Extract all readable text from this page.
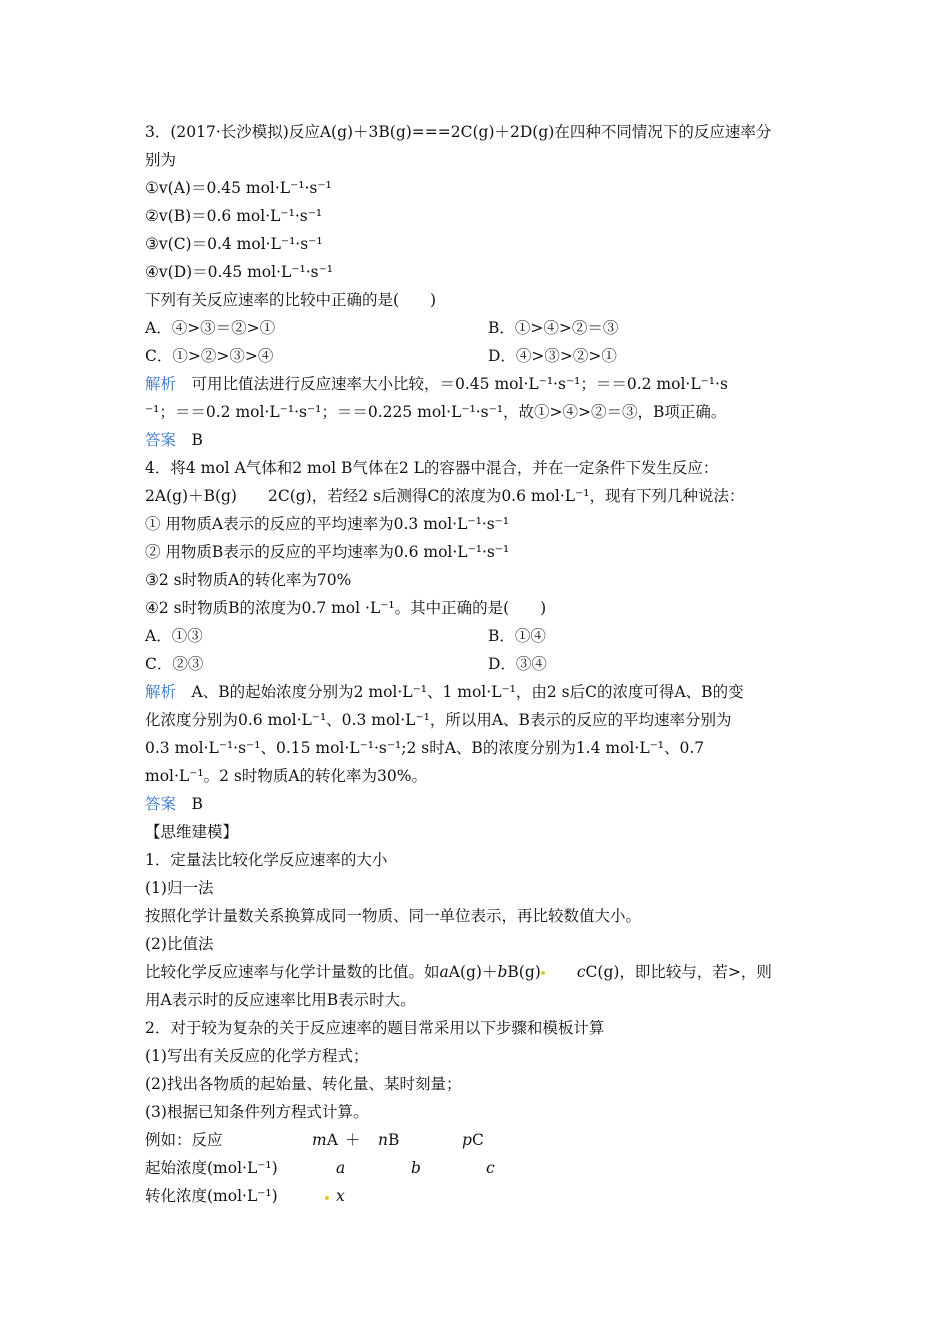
3．(2017·长沙模拟)反应A(g)＋3B(g)===2C(g)＋2D(g)在四种不同情况下的反应速率分
别为
①v(A)＝0.45 mol·L⁻¹·s⁻¹
②v(B)＝0.6 mol·L⁻¹·s⁻¹
③v(C)＝0.4 mol·L⁻¹·s⁻¹
④v(D)＝0.45 mol·L⁻¹·s⁻¹
下列有关反应速率的比较中正确的是(　　)
A．④>③＝②>①	B．①>④>②＝③
C．①>②>③>④	D．④>③>②>①
解析　可用比值法进行反应速率大小比较，＝0.45 mol·L⁻¹·s⁻¹；＝＝0.2 mol·L⁻¹·s
⁻¹；＝＝0.2 mol·L⁻¹·s⁻¹；＝＝0.225 mol·L⁻¹·s⁻¹，故①>④>②＝③，B项正确。
答案　B
4．将4 mol A气体和2 mol B气体在2 L的容器中混合，并在一定条件下发生反应：
2A(g)＋B(g)　　2C(g)，若经2 s后测得C的浓度为0.6 mol·L⁻¹，现有下列几种说法：
① 用物质A表示的反应的平均速率为0.3 mol·L⁻¹·s⁻¹
② 用物质B表示的反应的平均速率为0.6 mol·L⁻¹·s⁻¹
③2 s时物质A的转化率为70%
④2 s时物质B的浓度为0.7 mol ·L⁻¹。其中正确的是(　　)
A．①③	B．①④
C．②③	D．③④
解析　A、B的起始浓度分别为2 mol·L⁻¹、1 mol·L⁻¹，由2 s后C的浓度可得A、B的变
化浓度分别为0.6 mol·L⁻¹、0.3 mol·L⁻¹，所以用A、B表示的反应的平均速率分别为
0.3 mol·L⁻¹·s⁻¹、0.15 mol·L⁻¹·s⁻¹;2 s时A、B的浓度分别为1.4 mol·L⁻¹、0.7
mol·L⁻¹。2 s时物质A的转化率为30%。
答案　B
【思维建模】
1．定量法比较化学反应速率的大小
(1)归一法
按照化学计量数关系换算成同一物质、同一单位表示，再比较数值大小。
(2)比值法
比较化学反应速率与化学计量数的比值。如aA(g)＋bB(g) cC(g)，即比较与，若>，则
用A表示时的反应速率比用B表示时大。
2．对于较为复杂的关于反应速率的题目常采用以下步骤和模板计算
(1)写出有关反应的化学方程式；
(2)找出各物质的起始量、转化量、某时刻量；
(3)根据已知条件列方程式计算。
例如：反应	mA ＋ nB	pC
起始浓度(mol·L⁻¹)	a	b	c
转化浓度(mol·L⁻¹)	x
